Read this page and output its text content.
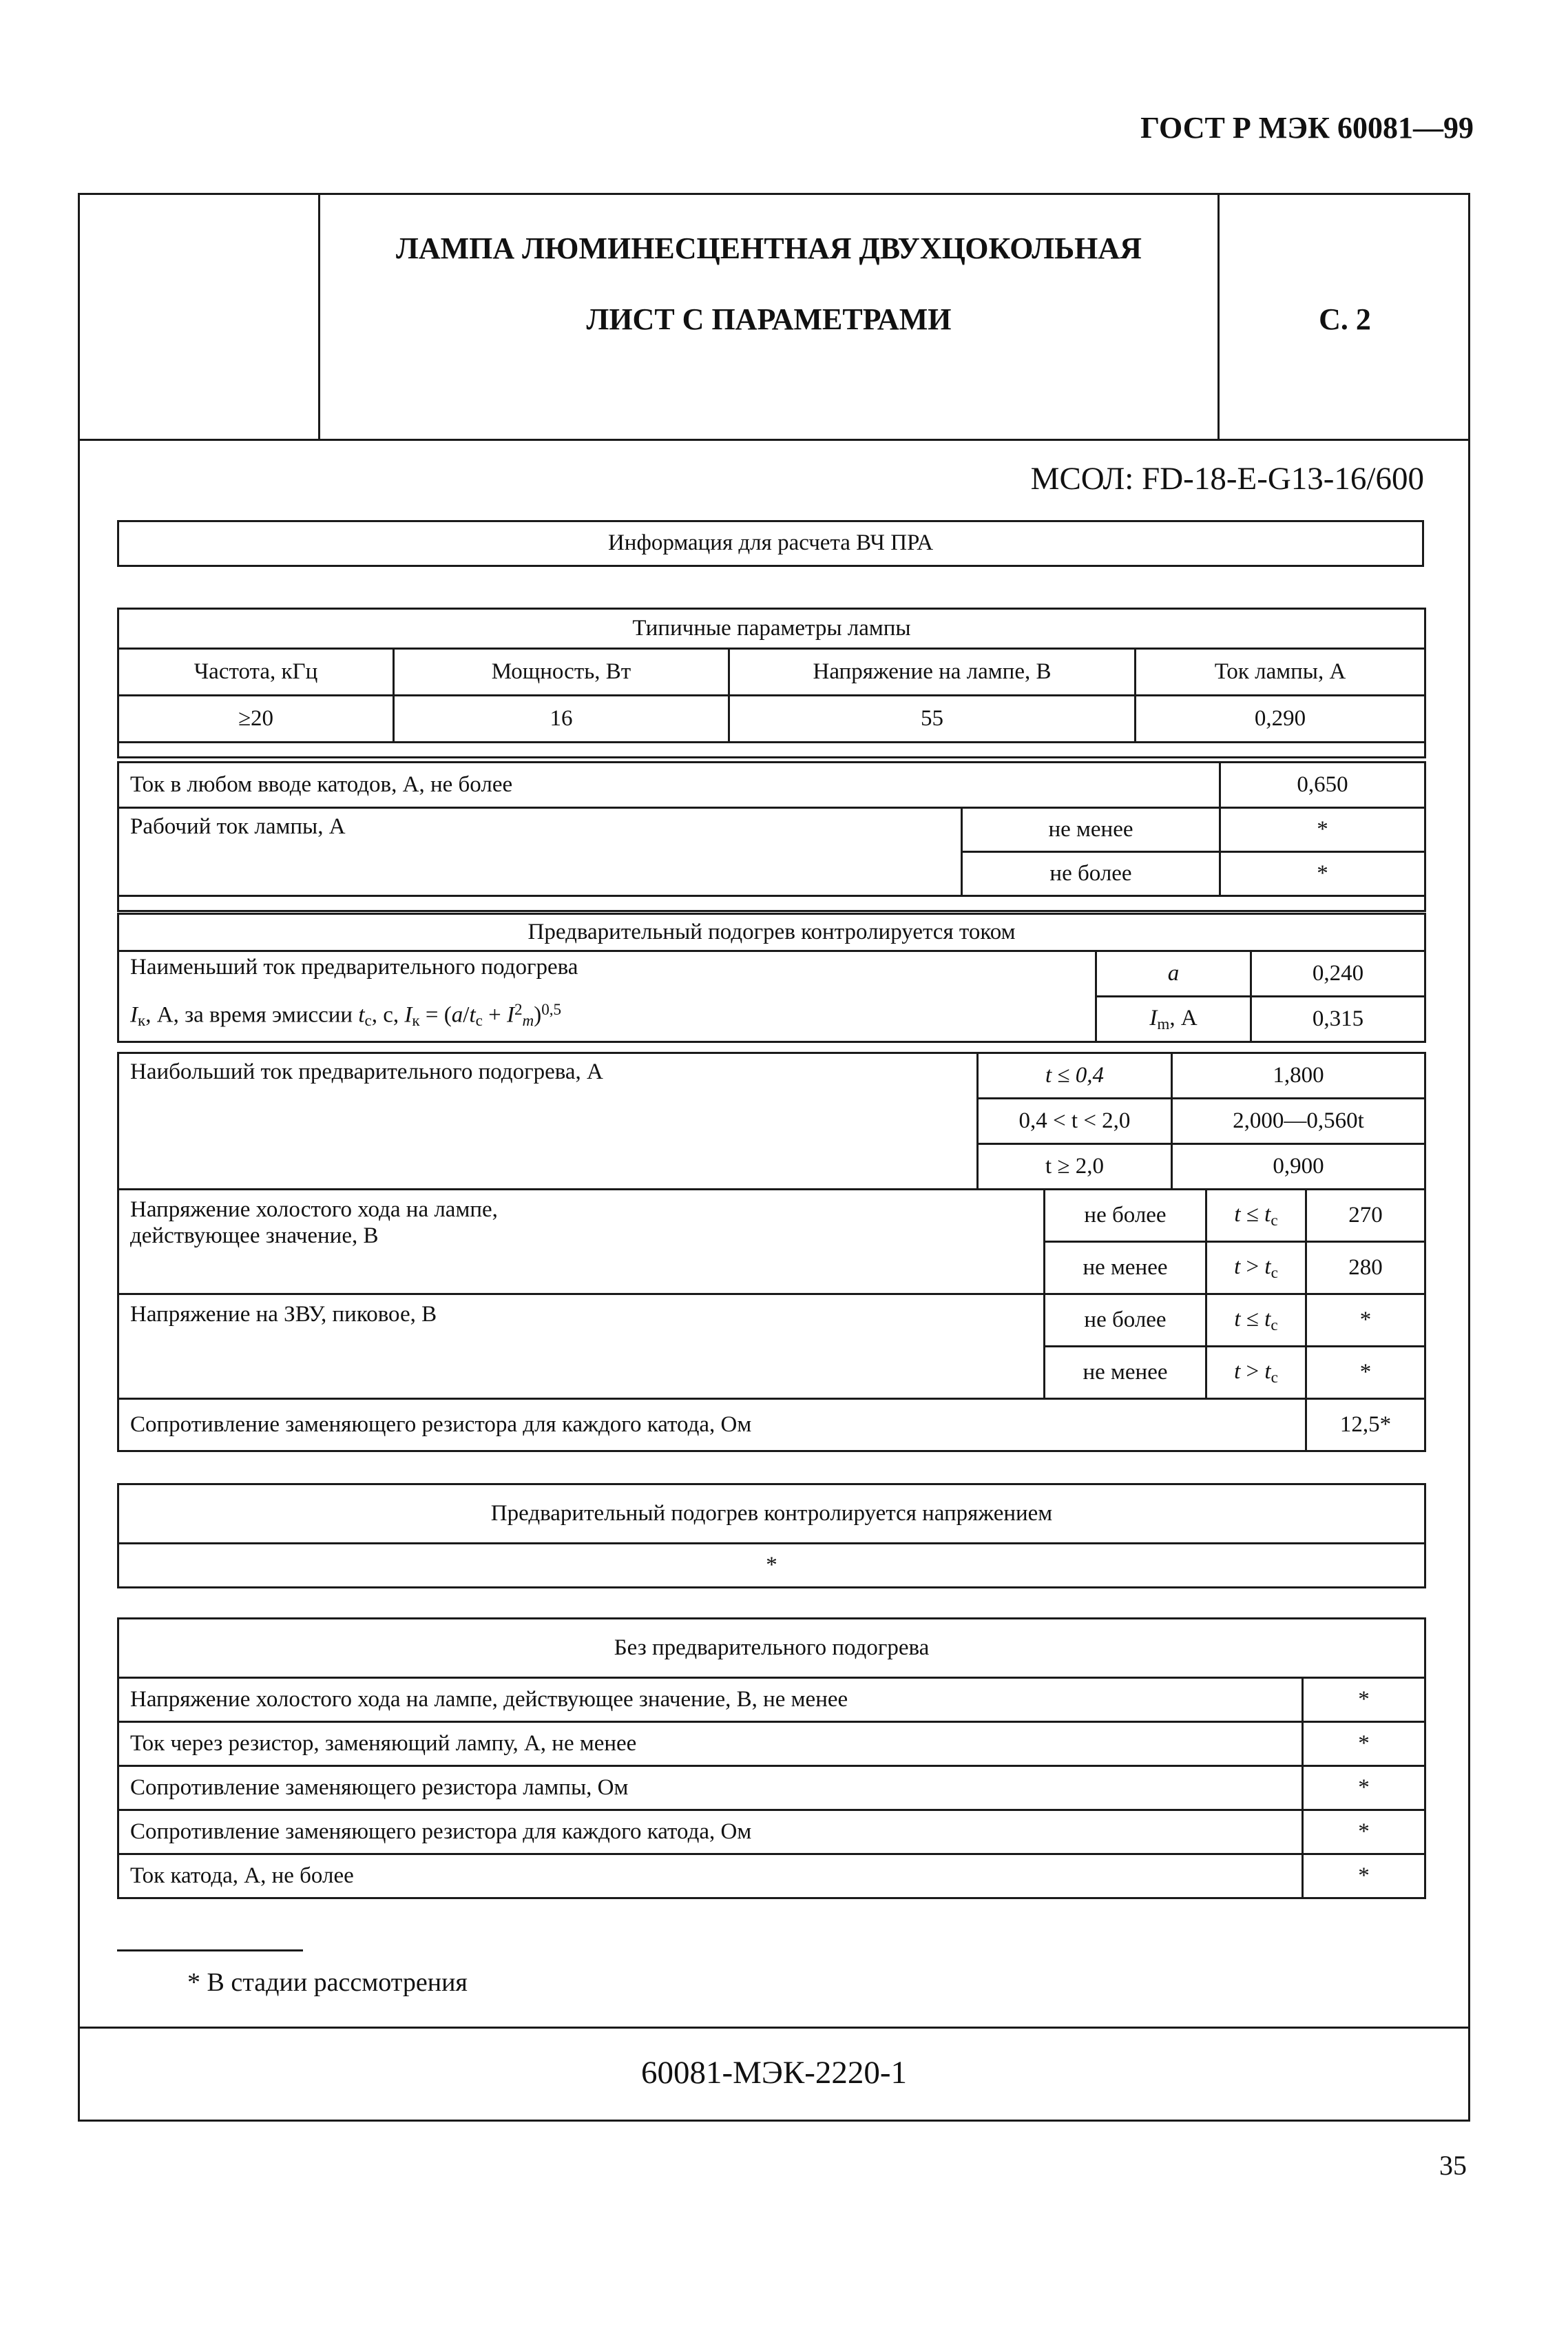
ГОСТ Р МЭК 60081—99
ЛАМПА ЛЮМИНЕСЦЕНТНАЯ ДВУХЦОКОЛЬНАЯ
ЛИСТ С ПАРАМЕТРАМИ	С. 2
МСОЛ: FD-18-E-G13-16/600
Информация для расчета ВЧ ПРА
Типичные параметры лампы			
Частота, кГц	Мощность, Вт	Напряжение на лампе, В	Ток лампы, А
≥20	16	55	0,290

Ток в любом вводе катодов, А, не более		0,650
Рабочий ток лампы, А	не менее	*
	не более	*

Предварительный подогрев контролируется током		

Наименьший ток предварительного подогрева
$I_к$, А, за время эмиссии $t_с$, с, $I_к = (a/t_с + I^2_m)^{0,5}$	a	0,240
	$I_m$, А	0,315
Наибольший ток предварительного подогрева, А	t ≤ 0,4	1,800
	0,4 < t < 2,0	2,000—0,560t
	t ≥ 2,0	0,900
Напряжение холостого хода на лампе,
действующее значение, В	не более	$t \le t_с$	270
	не менее	$t > t_с$	280
Напряжение на ЗВУ, пиковое, В	не более	$t \le t_с$	*
	не менее	$t > t_с$	*
Сопротивление заменяющего резистора для каждого катода, Ом			12,5*
Предварительный подогрев контролируется напряжением
*
Без предварительного подогрева	
Напряжение холостого хода на лампе, действующее значение, В, не менее	*
Ток через резистор, заменяющий лампу, А, не менее	*
Сопротивление заменяющего резистора лампы, Ом	*
Сопротивление заменяющего резистора для каждого катода, Ом	*
Ток катода, А, не более	*
* В стадии рассмотрения
60081-МЭК-2220-1
35
